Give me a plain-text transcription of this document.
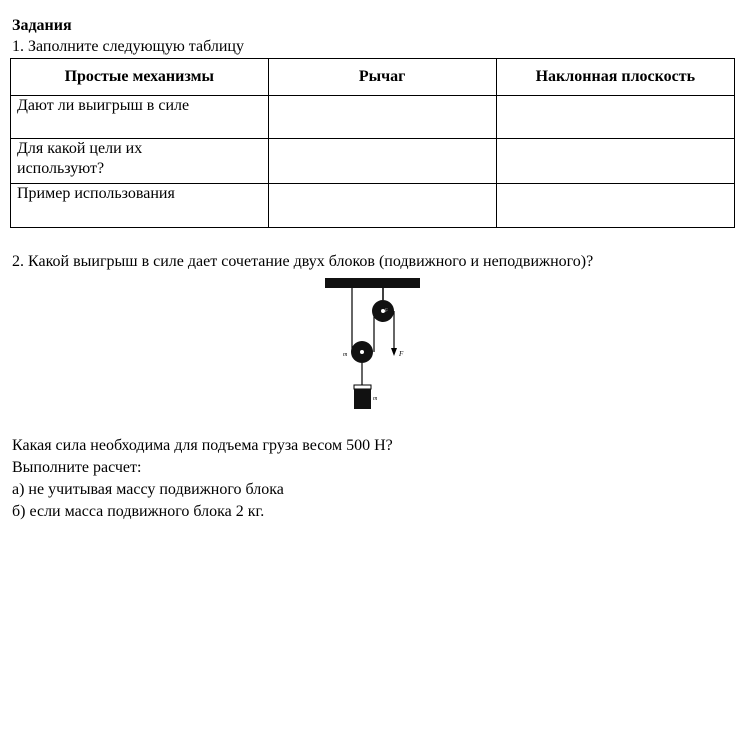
Задания
1. Заполните следующую таблицу
Простые механизмы	Рычаг	Наклонная плоскость
Дают ли выигрыш в силе		
Для какой цели их
используют?		
Пример использования		
2. Какой выигрыш в силе дает сочетание двух блоков (подвижного и неподвижного)?
F
F
m
m
Какая сила необходима для подъема груза весом 500 Н?
Выполните расчет:
а) не учитывая массу подвижного блока
б) если масса подвижного блока 2 кг.
